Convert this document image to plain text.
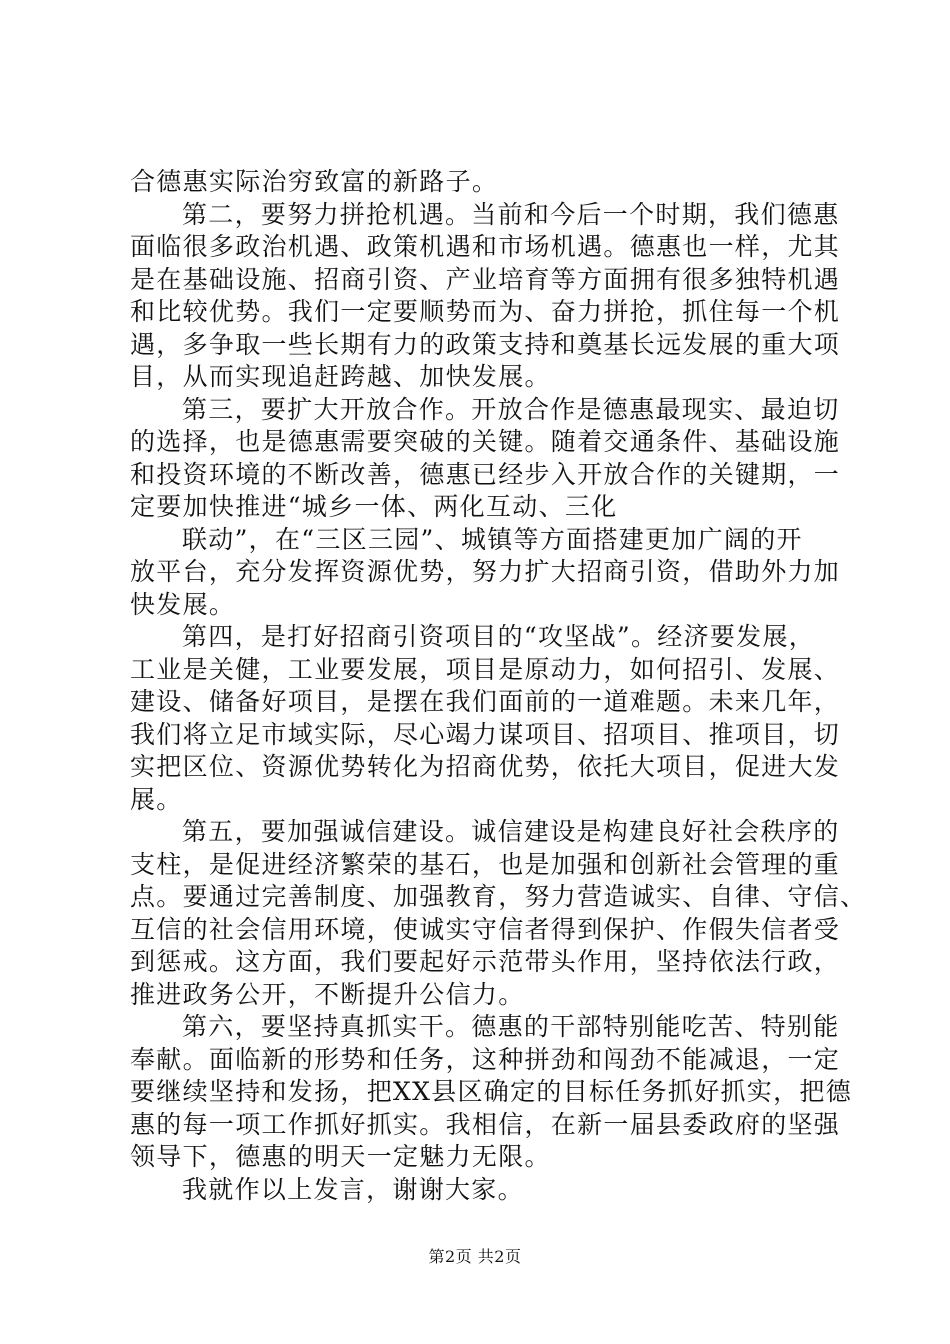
合德惠实际治穷致富的新路子。
第二，要努力拼抢机遇。当前和今后一个时期，我们德惠
面临很多政治机遇、政策机遇和市场机遇。德惠也一样，尤其
是在基础设施、招商引资、产业培育等方面拥有很多独特机遇
和比较优势。我们一定要顺势而为、奋力拼抢，抓住每一个机
遇，多争取一些长期有力的政策支持和奠基长远发展的重大项
目，从而实现追赶跨越、加快发展。
第三，要扩大开放合作。开放合作是德惠最现实、最迫切
的选择，也是德惠需要突破的关键。随着交通条件、基础设施
和投资环境的不断改善，德惠已经步入开放合作的关键期，一
定要加快推进“城乡一体、两化互动、三化
联动”，在“三区三园”、城镇等方面搭建更加广阔的开
放平台，充分发挥资源优势，努力扩大招商引资，借助外力加
快发展。
第四，是打好招商引资项目的“攻坚战”。经济要发展，
工业是关健，工业要发展，项目是原动力，如何招引、发展、
建设、储备好项目，是摆在我们面前的一道难题。未来几年，
我们将立足市域实际，尽心竭力谋项目、招项目、推项目，切
实把区位、资源优势转化为招商优势，依托大项目，促进大发
展。
第五，要加强诚信建设。诚信建设是构建良好社会秩序的
支柱，是促进经济繁荣的基石，也是加强和创新社会管理的重
点。要通过完善制度、加强教育，努力营造诚实、自律、守信、
互信的社会信用环境，使诚实守信者得到保护、作假失信者受
到惩戒。这方面，我们要起好示范带头作用，坚持依法行政，
推进政务公开，不断提升公信力。
第六，要坚持真抓实干。德惠的干部特别能吃苦、特别能
奉献。面临新的形势和任务，这种拼劲和闯劲不能减退，一定
要继续坚持和发扬，把XX县区确定的目标任务抓好抓实，把德
惠的每一项工作抓好抓实。我相信，在新一届县委政府的坚强
领导下，德惠的明天一定魅力无限。
我就作以上发言，谢谢大家。
第2页 共2页
